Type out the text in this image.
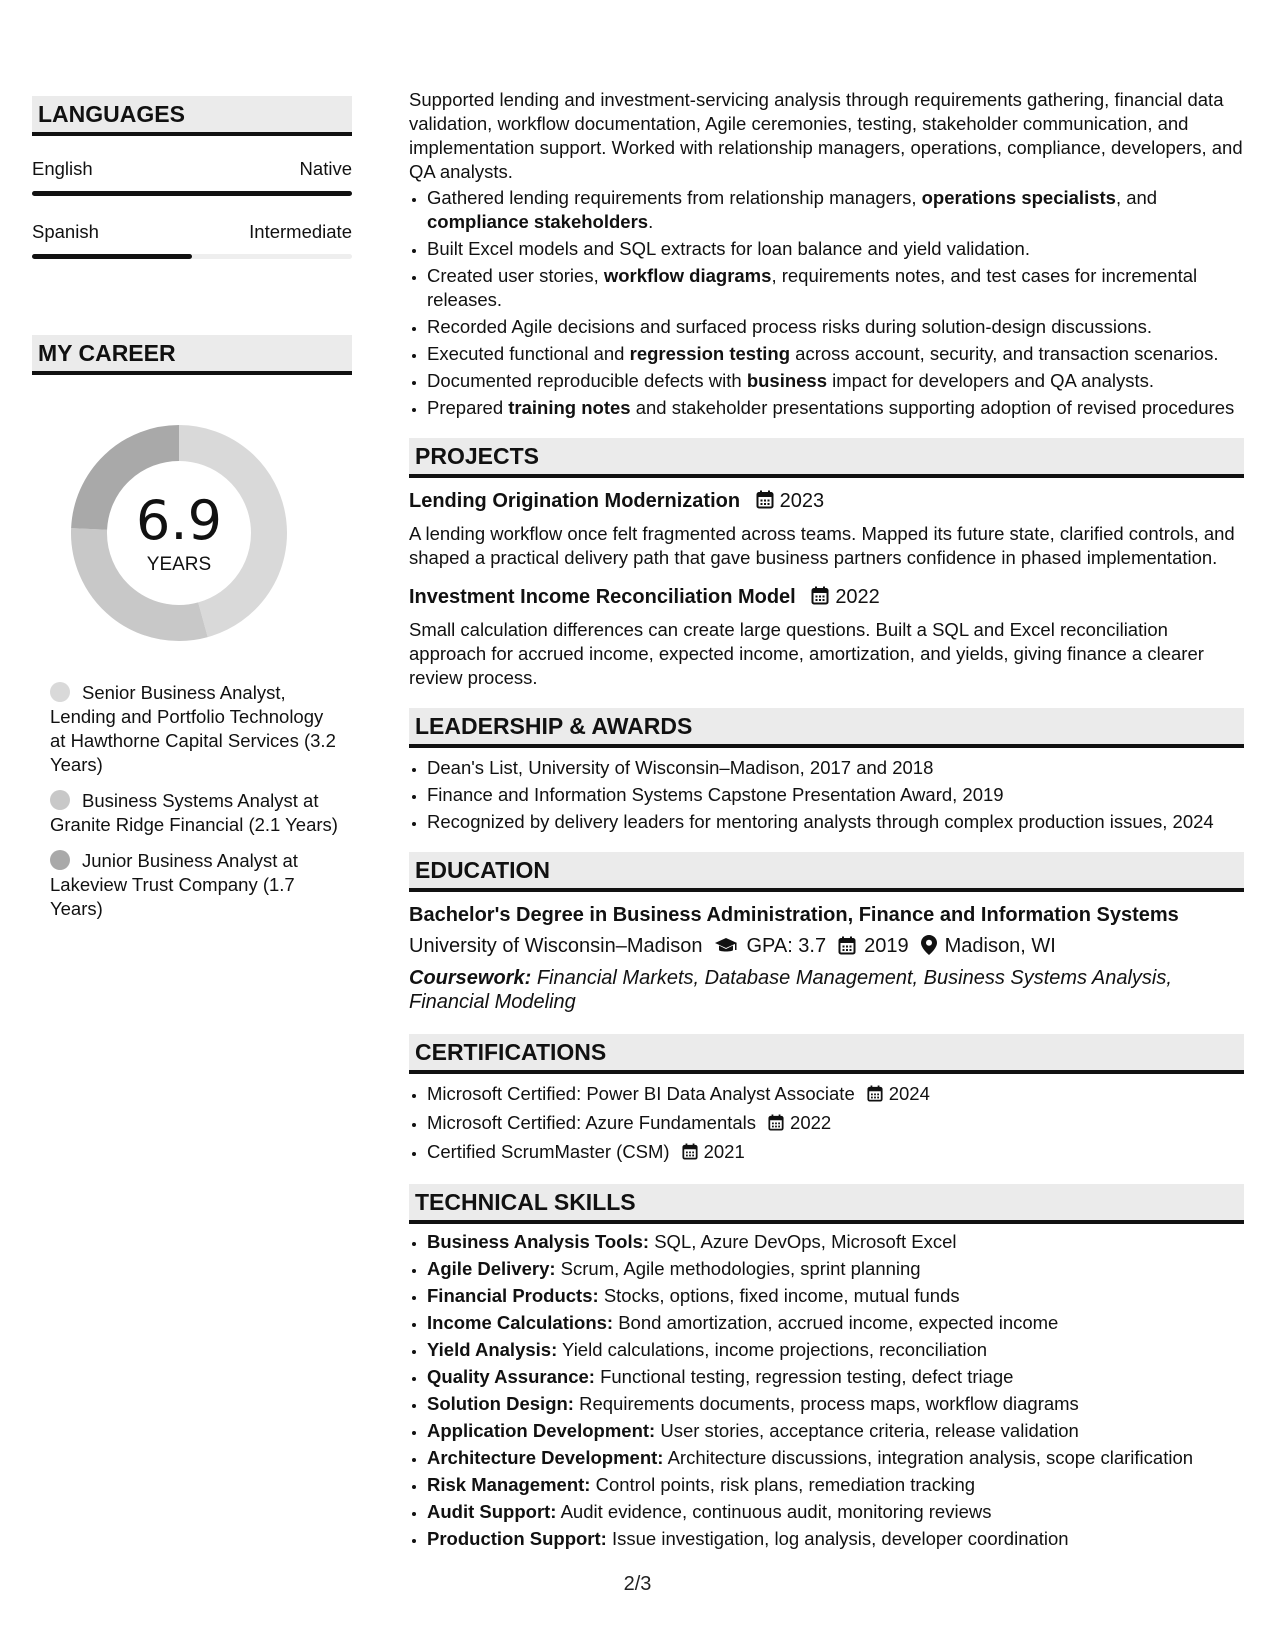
LANGUAGES
English	Native
Spanish	Intermediate
MY CAREER
6.9
YEARS
Senior Business Analyst, Lending and Portfolio Technology at Hawthorne Capital Services (3.2 Years)
Business Systems Analyst at Granite Ridge Financial (2.1 Years)
Junior Business Analyst at Lakeview Trust Company (1.7 Years)

Supported lending and investment-servicing analysis through requirements gathering, financial data validation, workflow documentation, Agile ceremonies, testing, stakeholder communication, and implementation support. Worked with relationship managers, operations, compliance, developers, and QA analysts.

• Gathered lending requirements from relationship managers, operations specialists, and compliance stakeholders.
• Built Excel models and SQL extracts for loan balance and yield validation.
• Created user stories, workflow diagrams, requirements notes, and test cases for incremental releases.
• Recorded Agile decisions and surfaced process risks during solution-design discussions.
• Executed functional and regression testing across account, security, and transaction scenarios.
• Documented reproducible defects with business impact for developers and QA analysts.
• Prepared training notes and stakeholder presentations supporting adoption of revised procedures
PROJECTS
Lending Origination Modernization 2023
A lending workflow once felt fragmented across teams. Mapped its future state, clarified controls, and shaped a practical delivery path that gave business partners confidence in phased implementation.
Investment Income Reconciliation Model 2022
Small calculation differences can create large questions. Built a SQL and Excel reconciliation approach for accrued income, expected income, amortization, and yields, giving finance a clearer review process.
LEADERSHIP & AWARDS
• Dean's List, University of Wisconsin–Madison, 2017 and 2018
• Finance and Information Systems Capstone Presentation Award, 2019
• Recognized by delivery leaders for mentoring analysts through complex production issues, 2024
EDUCATION
Bachelor's Degree in Business Administration, Finance and Information Systems
University of Wisconsin–Madison GPA: 3.7 2019 Madison, WI
Coursework: Financial Markets, Database Management, Business Systems Analysis, Financial Modeling
CERTIFICATIONS
• Microsoft Certified: Power BI Data Analyst Associate 2024
• Microsoft Certified: Azure Fundamentals 2022
• Certified ScrumMaster (CSM) 2021
TECHNICAL SKILLS
• Business Analysis Tools: SQL, Azure DevOps, Microsoft Excel
• Agile Delivery: Scrum, Agile methodologies, sprint planning
• Financial Products: Stocks, options, fixed income, mutual funds
• Income Calculations: Bond amortization, accrued income, expected income
• Yield Analysis: Yield calculations, income projections, reconciliation
• Quality Assurance: Functional testing, regression testing, defect triage
• Solution Design: Requirements documents, process maps, workflow diagrams
• Application Development: User stories, acceptance criteria, release validation
• Architecture Development: Architecture discussions, integration analysis, scope clarification
• Risk Management: Control points, risk plans, remediation tracking
• Audit Support: Audit evidence, continuous audit, monitoring reviews
• Production Support: Issue investigation, log analysis, developer coordination
2/3
